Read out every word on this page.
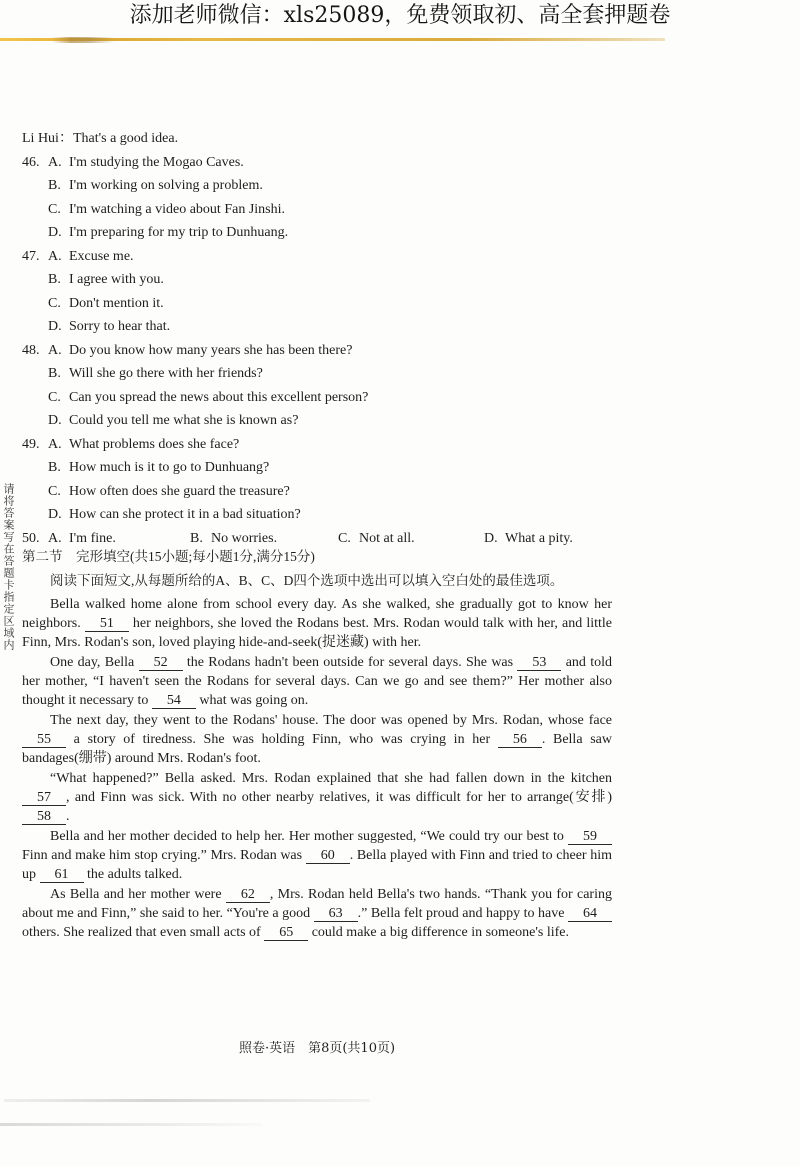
添加老师微信：xls25089，免费领取初、高全套押题卷
请将答案写在答题卡指定区域内
Li Hui：That's a good idea.
46. A. I'm studying the Mogao Caves.
B. I'm working on solving a problem.
C. I'm watching a video about Fan Jinshi.
D. I'm preparing for my trip to Dunhuang.
47. A. Excuse me.
B. I agree with you.
C. Don't mention it.
D. Sorry to hear that.
48. A. Do you know how many years she has been there?
B. Will she go there with her friends?
C. Can you spread the news about this excellent person?
D. Could you tell me what she is known as?
49. A. What problems does she face?
B. How much is it to go to Dunhuang?
C. How often does she guard the treasure?
D. How can she protect it in a bad situation?
50. A. I'm fine.	B. No worries.	C. Not at all.	D. What a pity.
第二节　完形填空(共15小题;每小题1分,满分15分)
阅读下面短文,从每题所给的A、B、C、D四个选项中选出可以填入空白处的最佳选项。

Bella walked home alone from school every day. As she walked, she gradually got to know her neighbors. 51 her neighbors, she loved the Rodans best. Mrs. Rodan would talk with her, and little Finn, Mrs. Rodan's son, loved playing hide-and-seek(捉迷藏) with her.

One day, Bella 52 the Rodans hadn't been outside for several days. She was 53 and told her mother, “I haven't seen the Rodans for several days. Can we go and see them?” Her mother also thought it necessary to 54 what was going on.

The next day, they went to the Rodans' house. The door was opened by Mrs. Rodan, whose face 55 a story of tiredness. She was holding Finn, who was crying in her 56 . Bella saw bandages(绷带) around Mrs. Rodan's foot.

“What happened?” Bella asked. Mrs. Rodan explained that she had fallen down in the kitchen 57 , and Finn was sick. With no other nearby relatives, it was difficult for her to arrange(安排) 58 .

Bella and her mother decided to help her. Her mother suggested, “We could try our best to 59 Finn and make him stop crying.” Mrs. Rodan was 60 . Bella played with Finn and tried to cheer him up 61 the adults talked.

As Bella and her mother were 62 , Mrs. Rodan held Bella's two hands. “Thank you for caring about me and Finn,” she said to her. “You're a good 63 .” Bella felt proud and happy to have 64 others. She realized that even small acts of 65 could make a big difference in someone's life.

照卷·英语　第8页(共10页)
